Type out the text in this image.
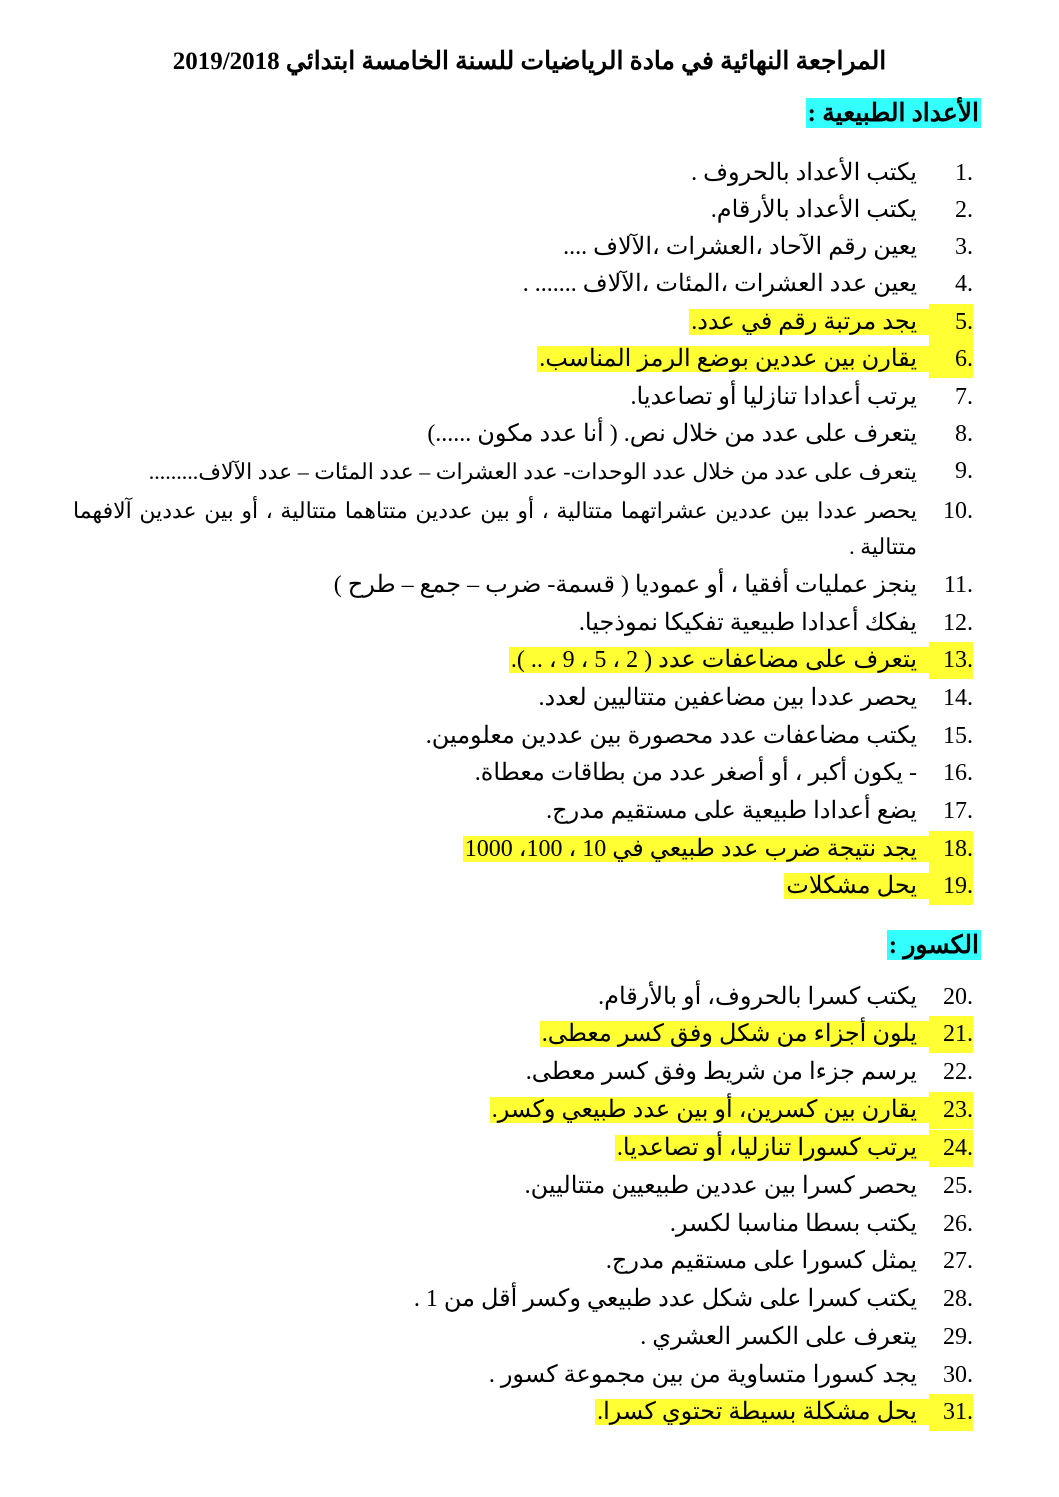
المراجعة النهائية في مادة الرياضيات للسنة الخامسة ابتدائي 2019/2018
الأعداد الطبيعية :
1.
يكتب الأعداد بالحروف .
2.
يكتب الأعداد بالأرقام.
3.
يعين رقم الآحاد ،العشرات ،الآلاف ....
4.
يعين عدد العشرات ،المئات ،الآلاف ....... .
5.
يجد مرتبة رقم في عدد.
6.
يقارن بين عددين بوضع الرمز المناسب.
7.
يرتب أعدادا تنازليا أو تصاعديا.
8.
يتعرف على عدد من خلال نص. ( أنا عدد مكون ......)
9.
يتعرف على عدد من خلال عدد الوحدات- عدد العشرات – عدد المئات – عدد الآلاف.........
10.
يحصر عددا بين عددين عشراتهما متتالية ، أو بين عددين متتاهما متتالية ، أو بين عددين آلافهما متتالية .
11.
ينجز عمليات أفقيا ، أو عموديا ( قسمة- ضرب – جمع – طرح )
12.
يفكك أعدادا طبيعية تفكيكا نموذجيا.
13.
يتعرف على مضاعفات عدد ( 2 ، 5 ، 9 ، .. ).
14.
يحصر عددا بين مضاعفين متتاليين لعدد.
15.
يكتب مضاعفات عدد محصورة بين عددين معلومين.
16.
- يكون أكبر ، أو أصغر عدد من بطاقات معطاة.
17.
يضع أعدادا طبيعية على مستقيم مدرج.
18.
يجد نتيجة ضرب عدد طبيعي في 10 ، 100، 1000
19.
يحل مشكلات
الكسور :
20.
يكتب كسرا بالحروف، أو بالأرقام.
21.
يلون أجزاء من شكل وفق كسر معطى.
22.
يرسم جزءا من شريط وفق كسر معطى.
23.
يقارن بين كسرين، أو بين عدد طبيعي وكسر.
24.
يرتب كسورا تنازليا، أو تصاعديا.
25.
يحصر كسرا بين عددين طبيعيين متتاليين.
26.
يكتب بسطا مناسبا لكسر.
27.
يمثل كسورا على مستقيم مدرج.
28.
يكتب كسرا على شكل عدد طبيعي وكسر أقل من 1 .
29.
يتعرف على الكسر العشري .
30.
يجد كسورا متساوية من بين مجموعة كسور .
31.
يحل مشكلة بسيطة تحتوي كسرا.
